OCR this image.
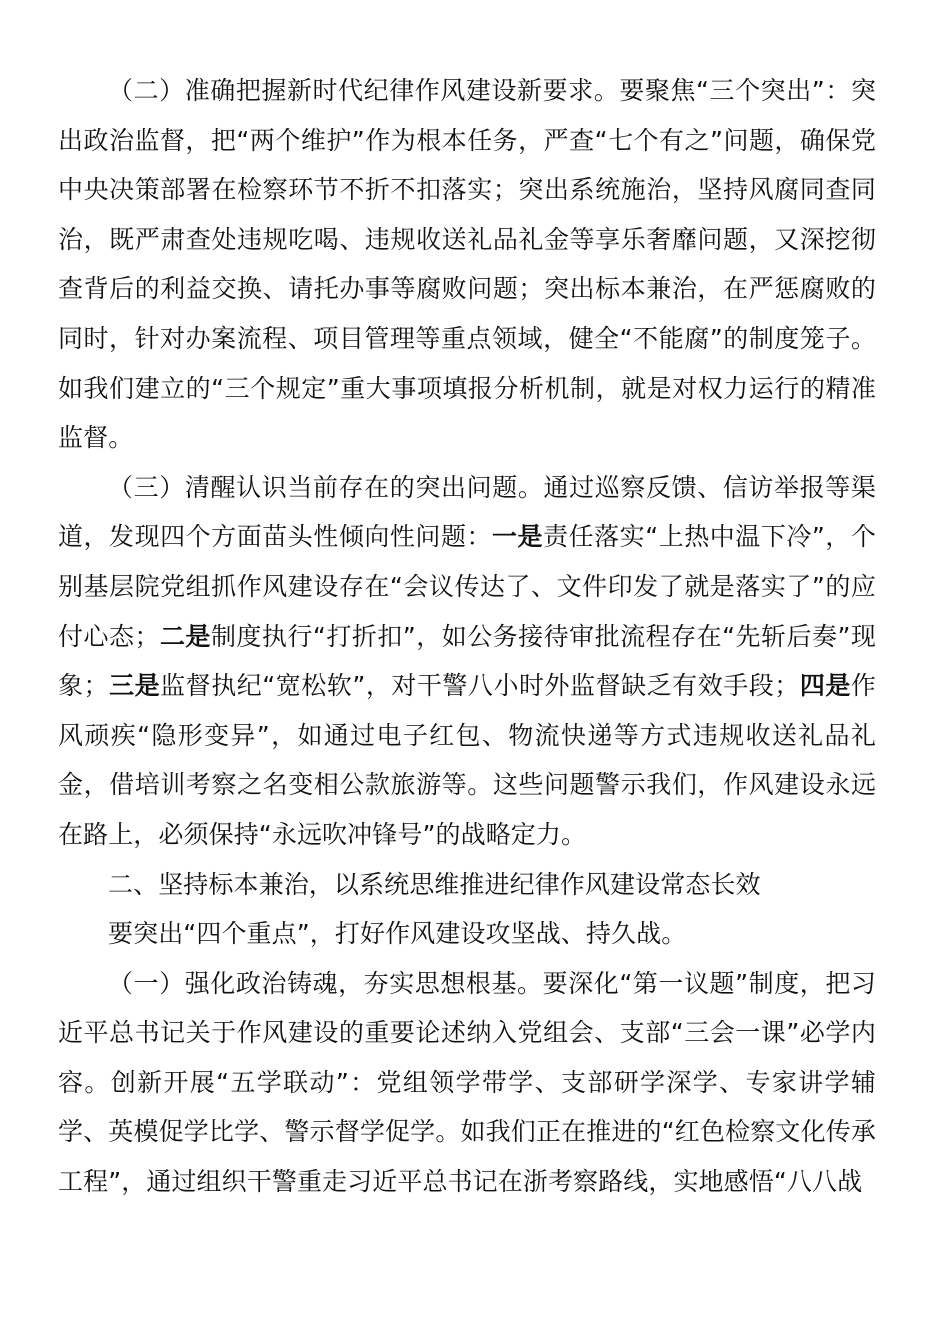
（二）准确把握新时代纪律作风建设新要求。要聚焦“三个突出”：突出政治监督，把“两个维护”作为根本任务，严查“七个有之”问题，确保党中央决策部署在检察环节不折不扣落实；突出系统施治，坚持风腐同查同治，既严肃查处违规吃喝、违规收送礼品礼金等享乐奢靡问题，又深挖彻查背后的利益交换、请托办事等腐败问题；突出标本兼治，在严惩腐败的同时，针对办案流程、项目管理等重点领域，健全“不能腐”的制度笼子。如我们建立的“三个规定”重大事项填报分析机制，就是对权力运行的精准监督。

（三）清醒认识当前存在的突出问题。通过巡察反馈、信访举报等渠道，发现四个方面苗头性倾向性问题：一是责任落实“上热中温下冷”，个别基层院党组抓作风建设存在“会议传达了、文件印发了就是落实了”的应付心态；二是制度执行“打折扣”，如公务接待审批流程存在“先斩后奏”现象；三是监督执纪“宽松软”，对干警八小时外监督缺乏有效手段；四是作风顽疾“隐形变异”，如通过电子红包、物流快递等方式违规收送礼品礼金，借培训考察之名变相公款旅游等。这些问题警示我们，作风建设永远在路上，必须保持“永远吹冲锋号”的战略定力。

二、坚持标本兼治，以系统思维推进纪律作风建设常态长效

要突出“四个重点”，打好作风建设攻坚战、持久战。

（一）强化政治铸魂，夯实思想根基。要深化“第一议题”制度，把习近平总书记关于作风建设的重要论述纳入党组会、支部“三会一课”必学内容。创新开展“五学联动”：党组领学带学、支部研学深学、专家讲学辅学、英模促学比学、警示督学促学。如我们正在推进的“红色检察文化传承工程”，通过组织干警重走习近平总书记在浙考察路线，实地感悟“八八战
